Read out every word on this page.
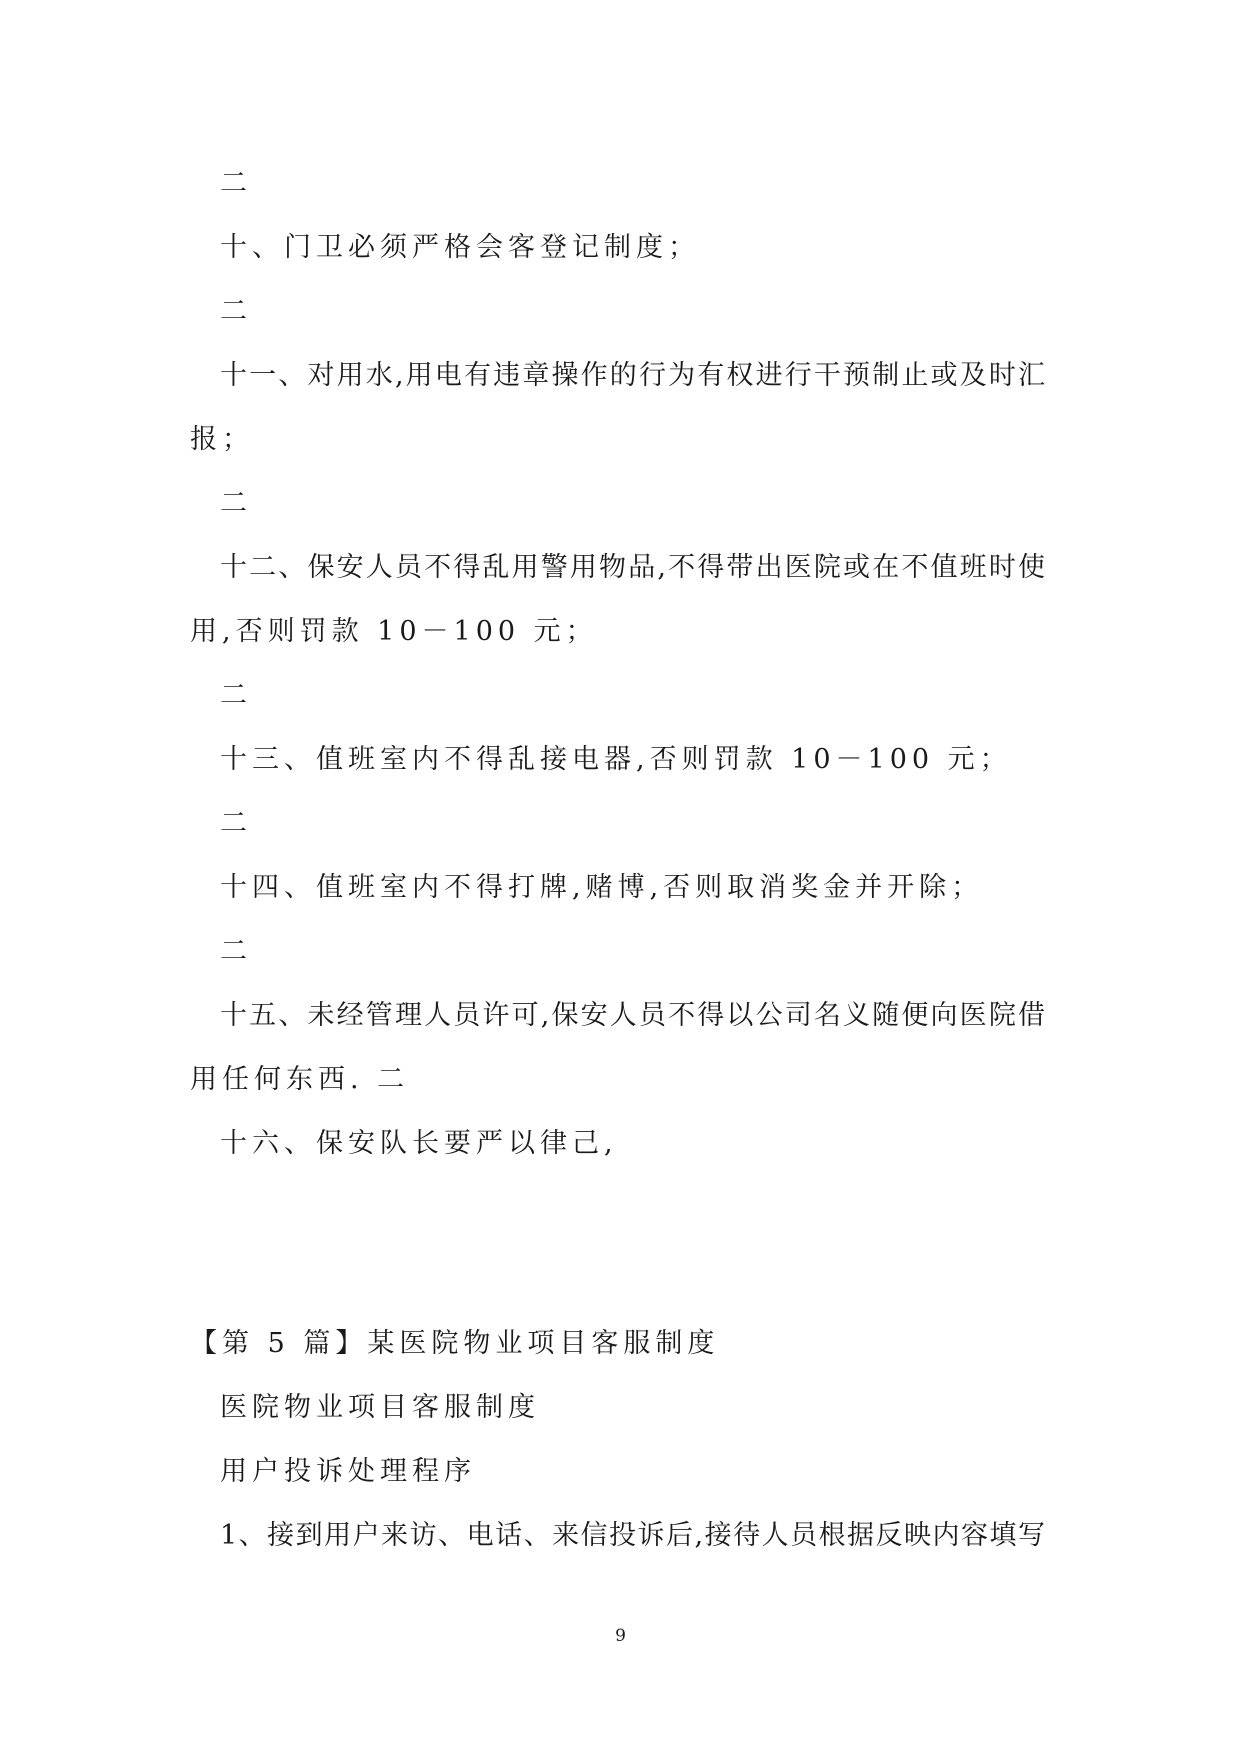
二
十、门卫必须严格会客登记制度；
二
十一、对用水,用电有违章操作的行为有权进行干预制止或及时汇
报；
二
十二、保安人员不得乱用警用物品,不得带出医院或在不值班时使
用,否则罚款 10－100 元；
二
十三、值班室内不得乱接电器,否则罚款 10－100 元；
二
十四、值班室内不得打牌,赌博,否则取消奖金并开除；
二
十五、未经管理人员许可,保安人员不得以公司名义随便向医院借
用任何东西. 二
十六、保安队长要严以律己,
【第 5 篇】某医院物业项目客服制度
医院物业项目客服制度
用户投诉处理程序
1、接到用户来访、电话、来信投诉后,接待人员根据反映内容填写
9
